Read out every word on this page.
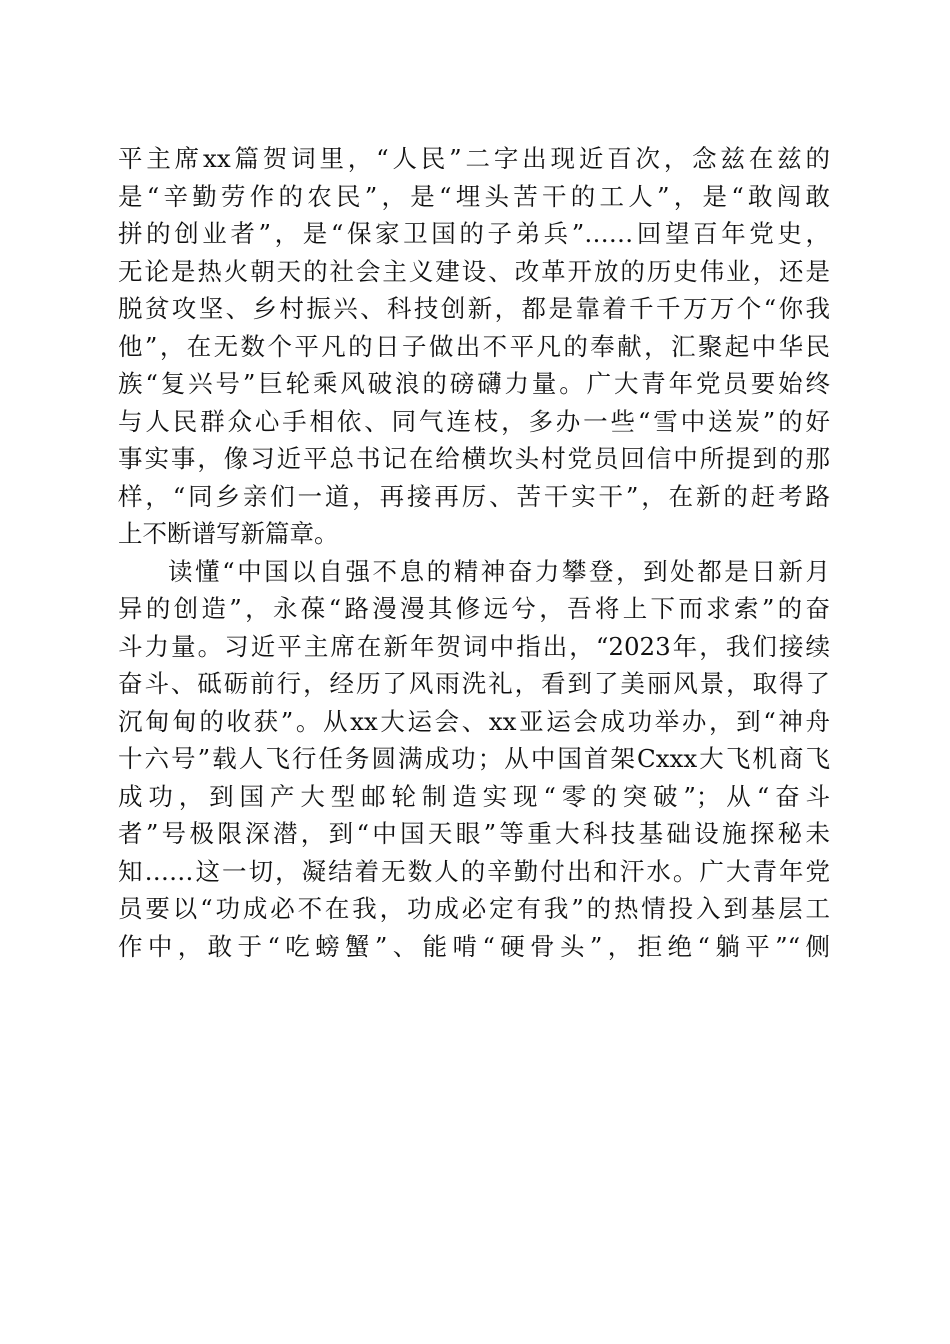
平主席xx篇贺词里，“人民”二字出现近百次，念兹在兹的
是“辛勤劳作的农民”，是“埋头苦干的工人”，是“敢闯敢
拼的创业者”，是“保家卫国的子弟兵”……回望百年党史，
无论是热火朝天的社会主义建设、改革开放的历史伟业，还是
脱贫攻坚、乡村振兴、科技创新，都是靠着千千万万个“你我
他”，在无数个平凡的日子做出不平凡的奉献，汇聚起中华民
族“复兴号”巨轮乘风破浪的磅礴力量。广大青年党员要始终
与人民群众心手相依、同气连枝，多办一些“雪中送炭”的好
事实事，像习近平总书记在给横坎头村党员回信中所提到的那
样，“同乡亲们一道，再接再厉、苦干实干”，在新的赶考路
上不断谱写新篇章。
读懂“中国以自强不息的精神奋力攀登，到处都是日新月
异的创造”，永葆“路漫漫其修远兮，吾将上下而求索”的奋
斗力量。习近平主席在新年贺词中指出，“2023年，我们接续
奋斗、砥砺前行，经历了风雨洗礼，看到了美丽风景，取得了
沉甸甸的收获”。从xx大运会、xx亚运会成功举办，到“神舟
十六号”载人飞行任务圆满成功；从中国首架Cxxx大飞机商飞
成功，到国产大型邮轮制造实现“零的突破”；从“奋斗
者”号极限深潜，到“中国天眼”等重大科技基础设施探秘未
知……这一切，凝结着无数人的辛勤付出和汗水。广大青年党
员要以“功成必不在我，功成必定有我”的热情投入到基层工
作中，敢于“吃螃蟹”、能啃“硬骨头”，拒绝“躺平”“侧
